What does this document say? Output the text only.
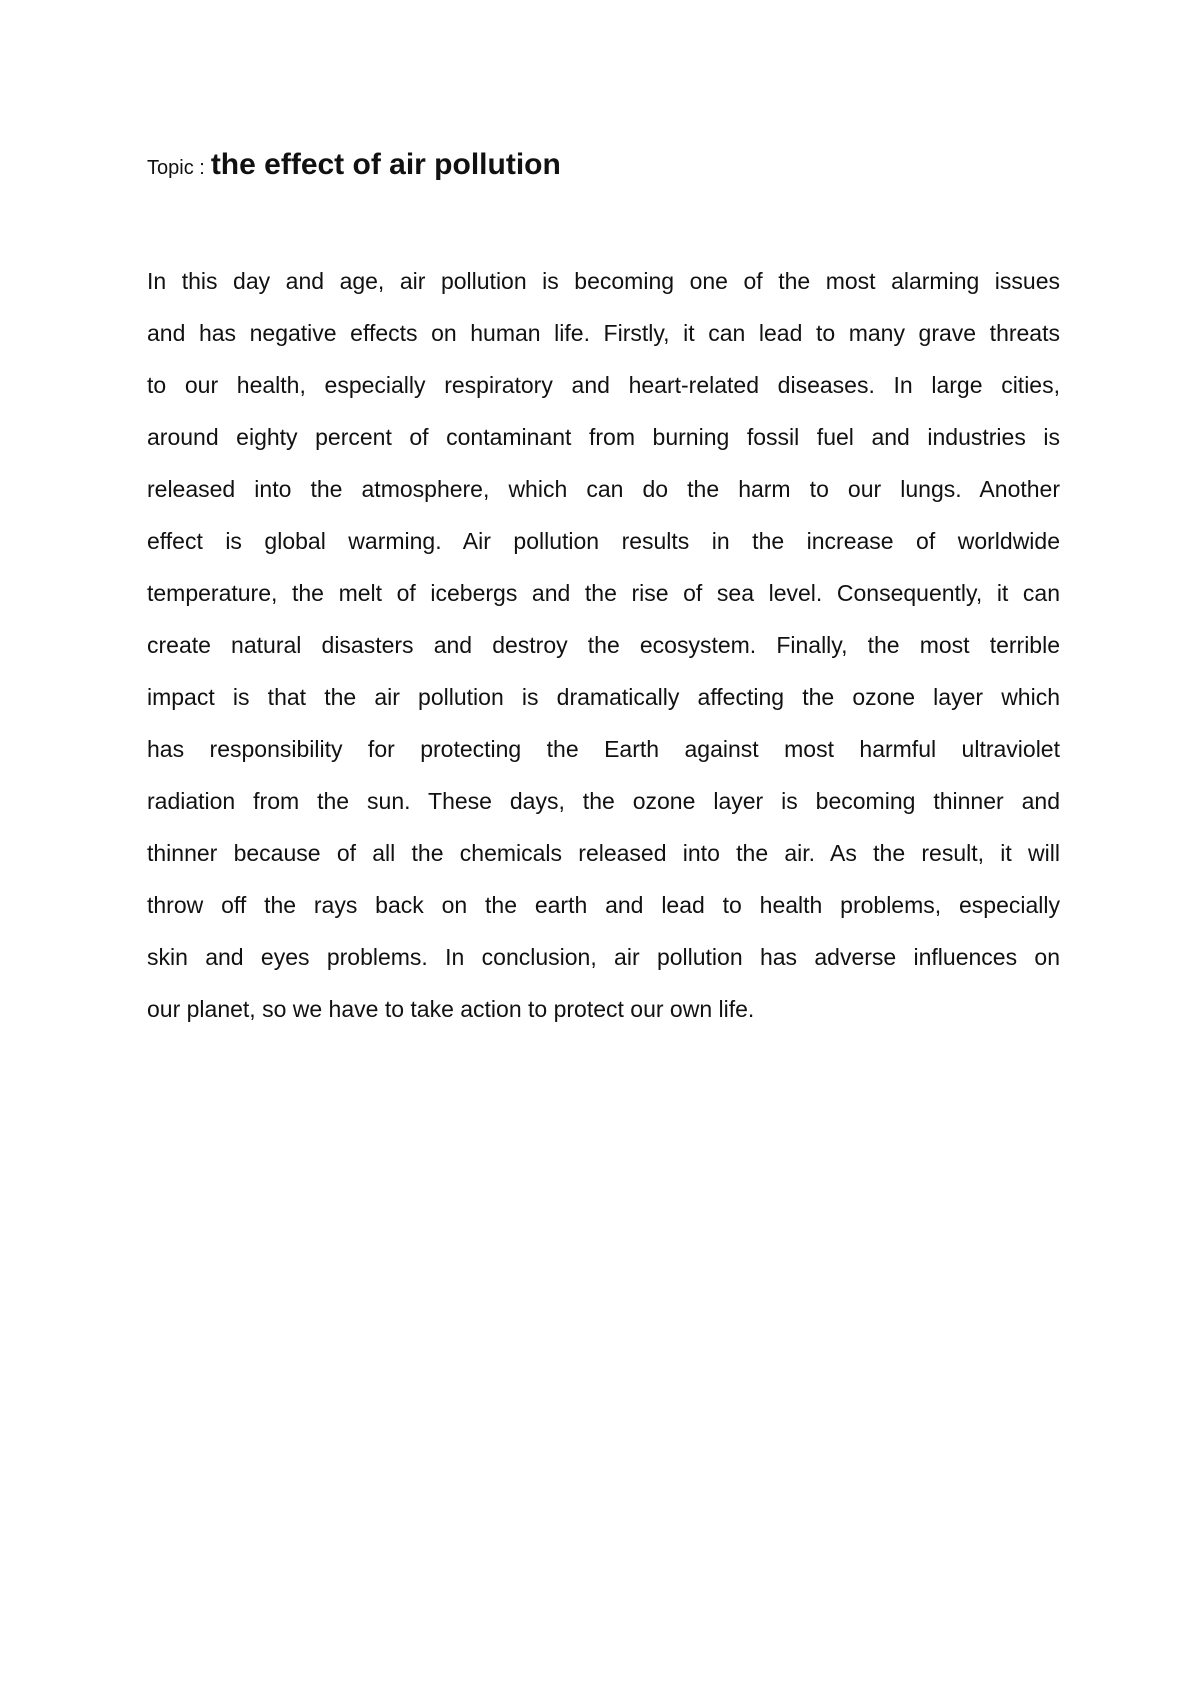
Topic : the effect of air pollution
In this day and age, air pollution is becoming one of the most alarming issues
and has negative effects on human life. Firstly, it can lead to many grave threats
to our health, especially respiratory and heart-related diseases. In large cities,
around eighty percent of contaminant from burning fossil fuel and industries is
released into the atmosphere, which can do the harm to our lungs. Another
effect is global warming. Air pollution results in the increase of worldwide
temperature, the melt of icebergs and the rise of sea level. Consequently, it can
create natural disasters and destroy the ecosystem. Finally, the most terrible
impact is that the air pollution is dramatically affecting the ozone layer which
has responsibility for protecting the Earth against most harmful ultraviolet
radiation from the sun. These days, the ozone layer is becoming thinner and
thinner because of all the chemicals released into the air. As the result, it will
throw off the rays back on the earth and lead to health problems, especially
skin and eyes problems. In conclusion, air pollution has adverse influences on
our planet, so we have to take action to protect our own life.
